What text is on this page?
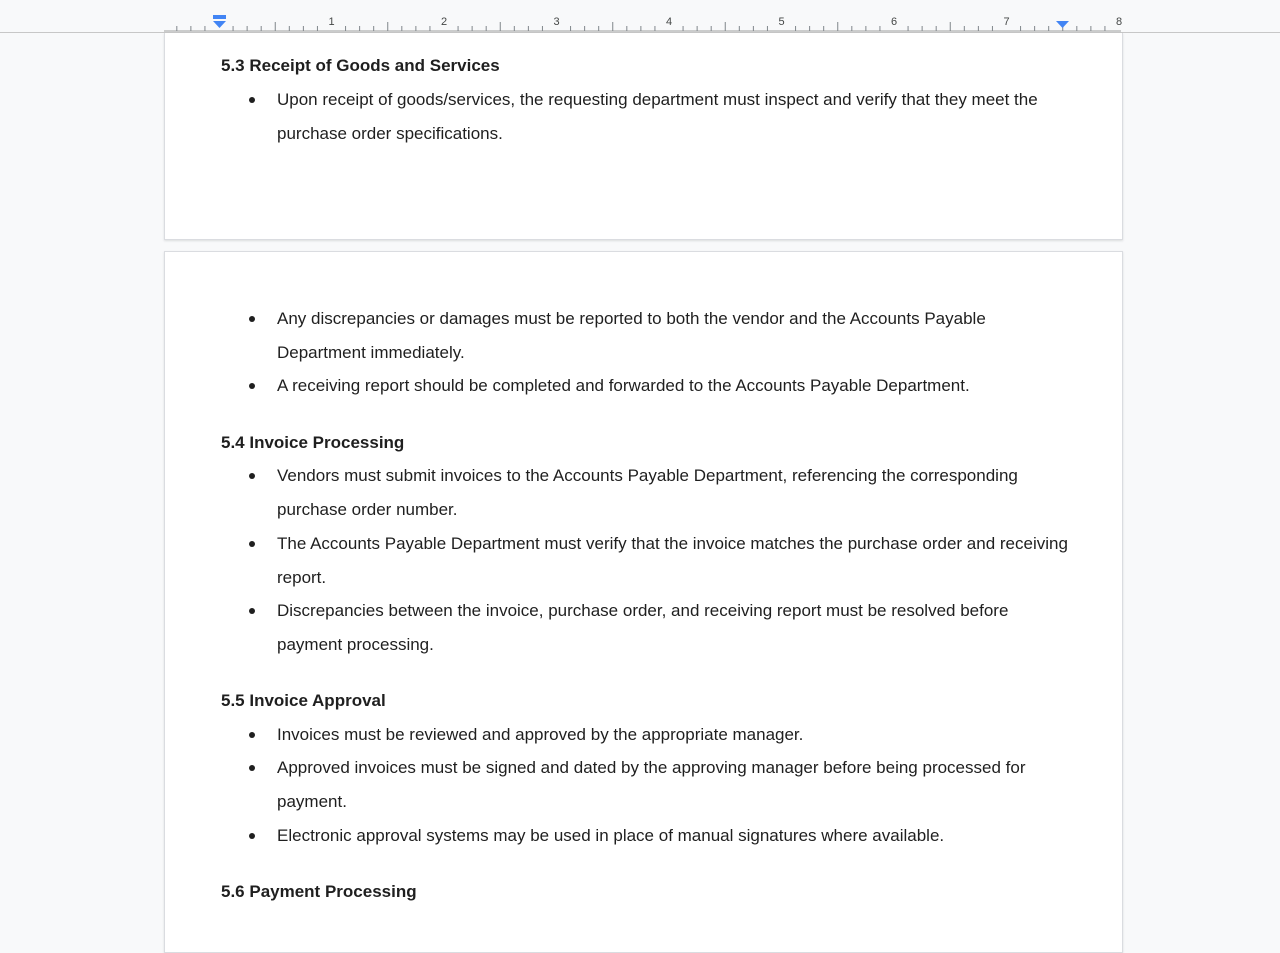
1	2	3	4	5	6	7	8
5.3 Receipt of Goods and Services
Upon receipt of goods/services, the requesting department must inspect and verify that they meet the purchase order specifications.
Any discrepancies or damages must be reported to both the vendor and the Accounts Payable Department immediately.
A receiving report should be completed and forwarded to the Accounts Payable Department.
5.4 Invoice Processing
Vendors must submit invoices to the Accounts Payable Department, referencing the corresponding purchase order number.
The Accounts Payable Department must verify that the invoice matches the purchase order and receiving report.
Discrepancies between the invoice, purchase order, and receiving report must be resolved before payment processing.
5.5 Invoice Approval
Invoices must be reviewed and approved by the appropriate manager.
Approved invoices must be signed and dated by the approving manager before being processed for payment.
Electronic approval systems may be used in place of manual signatures where available.
5.6 Payment Processing
